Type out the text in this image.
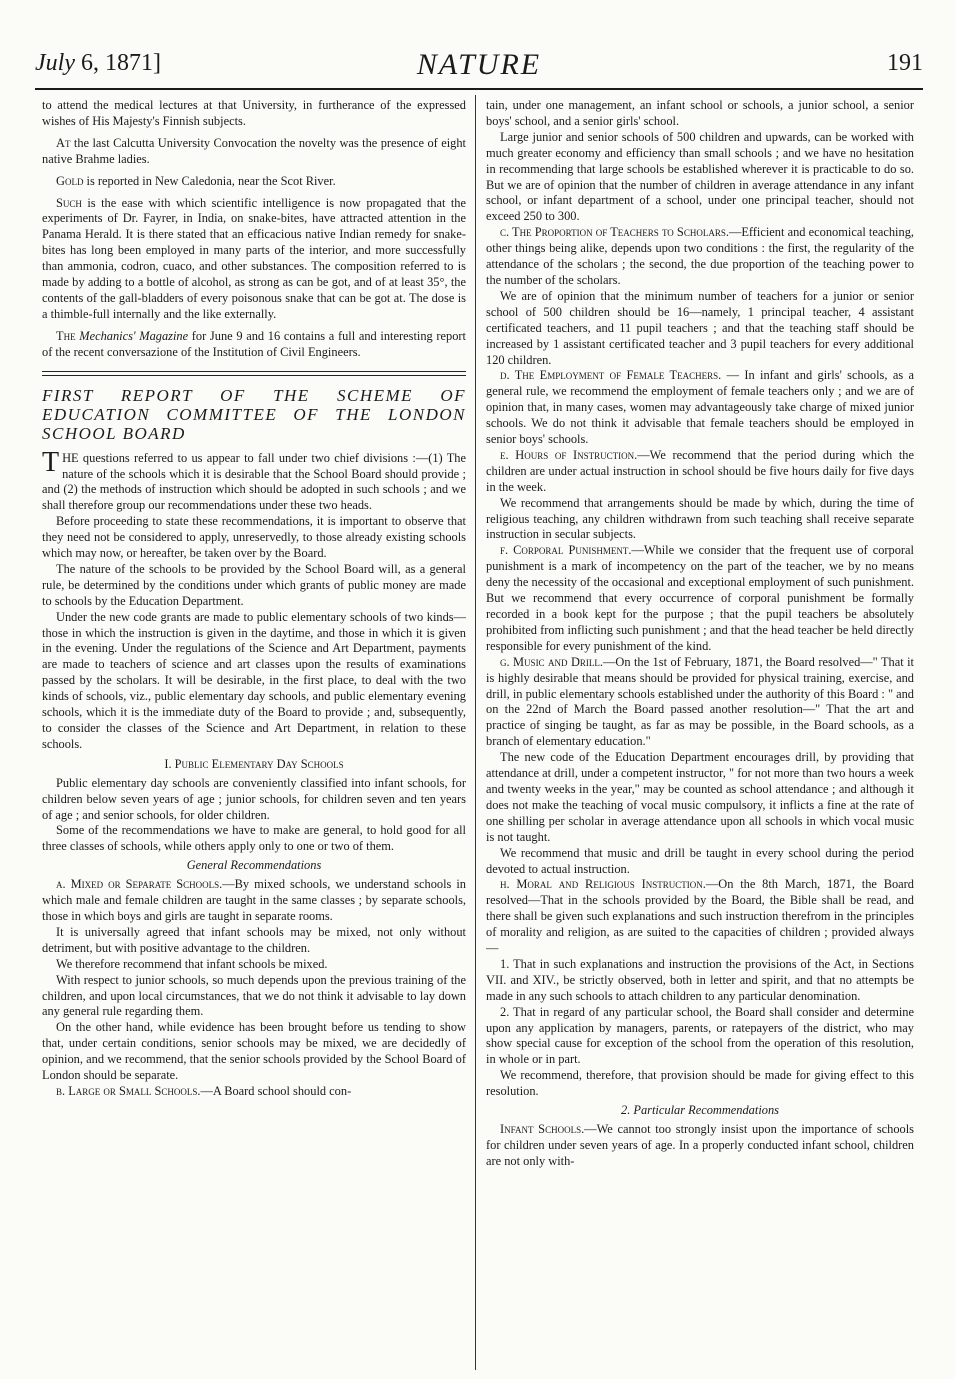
July 6, 1871]	NATURE	191

to attend the medical lectures at that University, in furtherance of the expressed wishes of His Majesty's Finnish subjects.

At the last Calcutta University Convocation the novelty was the presence of eight native Brahme ladies.

Gold is reported in New Caledonia, near the Scot River.

Such is the ease with which scientific intelligence is now propagated that the experiments of Dr. Fayrer, in India, on snake-bites, have attracted attention in the Panama Herald. It is there stated that an efficacious native Indian remedy for snake-bites has long been employed in many parts of the interior, and more successfully than ammonia, codron, cuaco, and other substances. The composition referred to is made by adding to a bottle of alcohol, as strong as can be got, and of at least 35°, the contents of the gall-bladders of every poisonous snake that can be got at. The dose is a thimble-full internally and the like externally.

The Mechanics' Magazine for June 9 and 16 contains a full and interesting report of the recent conversazione of the Institution of Civil Engineers.

FIRST REPORT OF THE SCHEME OF EDUCATION COMMITTEE OF THE LONDON SCHOOL BOARD

THE questions referred to us appear to fall under two chief divisions :—(1) The nature of the schools which it is desirable that the School Board should provide ; and (2) the methods of instruction which should be adopted in such schools ; and we shall therefore group our recommendations under these two heads.

Before proceeding to state these recommendations, it is important to observe that they need not be considered to apply, unreservedly, to those already existing schools which may now, or hereafter, be taken over by the Board.

The nature of the schools to be provided by the School Board will, as a general rule, be determined by the conditions under which grants of public money are made to schools by the Education Department.

Under the new code grants are made to public elementary schools of two kinds—those in which the instruction is given in the daytime, and those in which it is given in the evening. Under the regulations of the Science and Art Department, payments are made to teachers of science and art classes upon the results of examinations passed by the scholars. It will be desirable, in the first place, to deal with the two kinds of schools, viz., public elementary day schools, and public elementary evening schools, which it is the immediate duty of the Board to provide ; and, subsequently, to consider the classes of the Science and Art Department, in relation to these schools.

I. Public Elementary Day Schools

Public elementary day schools are conveniently classified into infant schools, for children below seven years of age ; junior schools, for children seven and ten years of age ; and senior schools, for older children.

Some of the recommendations we have to make are general, to hold good for all three classes of schools, while others apply only to one or two of them.

General Recommendations

a. Mixed or Separate Schools.—By mixed schools, we understand schools in which male and female children are taught in the same classes ; by separate schools, those in which boys and girls are taught in separate rooms.

It is universally agreed that infant schools may be mixed, not only without detriment, but with positive advantage to the children.

We therefore recommend that infant schools be mixed.

With respect to junior schools, so much depends upon the previous training of the children, and upon local circumstances, that we do not think it advisable to lay down any general rule regarding them.

On the other hand, while evidence has been brought before us tending to show that, under certain conditions, senior schools may be mixed, we are decidedly of opinion, and we recommend, that the senior schools provided by the School Board of London should be separate.

b. Large or Small Schools.—A Board school should con-

tain, under one management, an infant school or schools, a junior school, a senior boys' school, and a senior girls' school.

Large junior and senior schools of 500 children and upwards, can be worked with much greater economy and efficiency than small schools ; and we have no hesitation in recommending that large schools be established wherever it is practicable to do so. But we are of opinion that the number of children in average attendance in any infant school, or infant department of a school, under one principal teacher, should not exceed 250 to 300.

c. The Proportion of Teachers to Scholars.—Efficient and economical teaching, other things being alike, depends upon two conditions : the first, the regularity of the attendance of the scholars ; the second, the due proportion of the teaching power to the number of the scholars.

We are of opinion that the minimum number of teachers for a junior or senior school of 500 children should be 16—namely, 1 principal teacher, 4 assistant certificated teachers, and 11 pupil teachers ; and that the teaching staff should be increased by 1 assistant certificated teacher and 3 pupil teachers for every additional 120 children.

d. The Employment of Female Teachers. — In infant and girls' schools, as a general rule, we recommend the employment of female teachers only ; and we are of opinion that, in many cases, women may advantageously take charge of mixed junior schools. We do not think it advisable that female teachers should be employed in senior boys' schools.

e. Hours of Instruction.—We recommend that the period during which the children are under actual instruction in school should be five hours daily for five days in the week.

We recommend that arrangements should be made by which, during the time of religious teaching, any children withdrawn from such teaching shall receive separate instruction in secular subjects.

f. Corporal Punishment.—While we consider that the frequent use of corporal punishment is a mark of incompetency on the part of the teacher, we by no means deny the necessity of the occasional and exceptional employment of such punishment. But we recommend that every occurrence of corporal punishment be formally recorded in a book kept for the purpose ; that the pupil teachers be absolutely prohibited from inflicting such punishment ; and that the head teacher be held directly responsible for every punishment of the kind.

g. Music and Drill.—On the 1st of February, 1871, the Board resolved—" That it is highly desirable that means should be provided for physical training, exercise, and drill, in public elementary schools established under the authority of this Board : " and on the 22nd of March the Board passed another resolution—" That the art and practice of singing be taught, as far as may be possible, in the Board schools, as a branch of elementary education."

The new code of the Education Department encourages drill, by providing that attendance at drill, under a competent instructor, " for not more than two hours a week and twenty weeks in the year," may be counted as school attendance ; and although it does not make the teaching of vocal music compulsory, it inflicts a fine at the rate of one shilling per scholar in average attendance upon all schools in which vocal music is not taught.

We recommend that music and drill be taught in every school during the period devoted to actual instruction.

h. Moral and Religious Instruction.—On the 8th March, 1871, the Board resolved—That in the schools provided by the Board, the Bible shall be read, and there shall be given such explanations and such instruction therefrom in the principles of morality and religion, as are suited to the capacities of children ; provided always—

1. That in such explanations and instruction the provisions of the Act, in Sections VII. and XIV., be strictly observed, both in letter and spirit, and that no attempts be made in any such schools to attach children to any particular denomination.

2. That in regard of any particular school, the Board shall consider and determine upon any application by managers, parents, or ratepayers of the district, who may show special cause for exception of the school from the operation of this resolution, in whole or in part.

We recommend, therefore, that provision should be made for giving effect to this resolution.

2. Particular Recommendations

Infant Schools.—We cannot too strongly insist upon the importance of schools for children under seven years of age. In a properly conducted infant school, children are not only with-
